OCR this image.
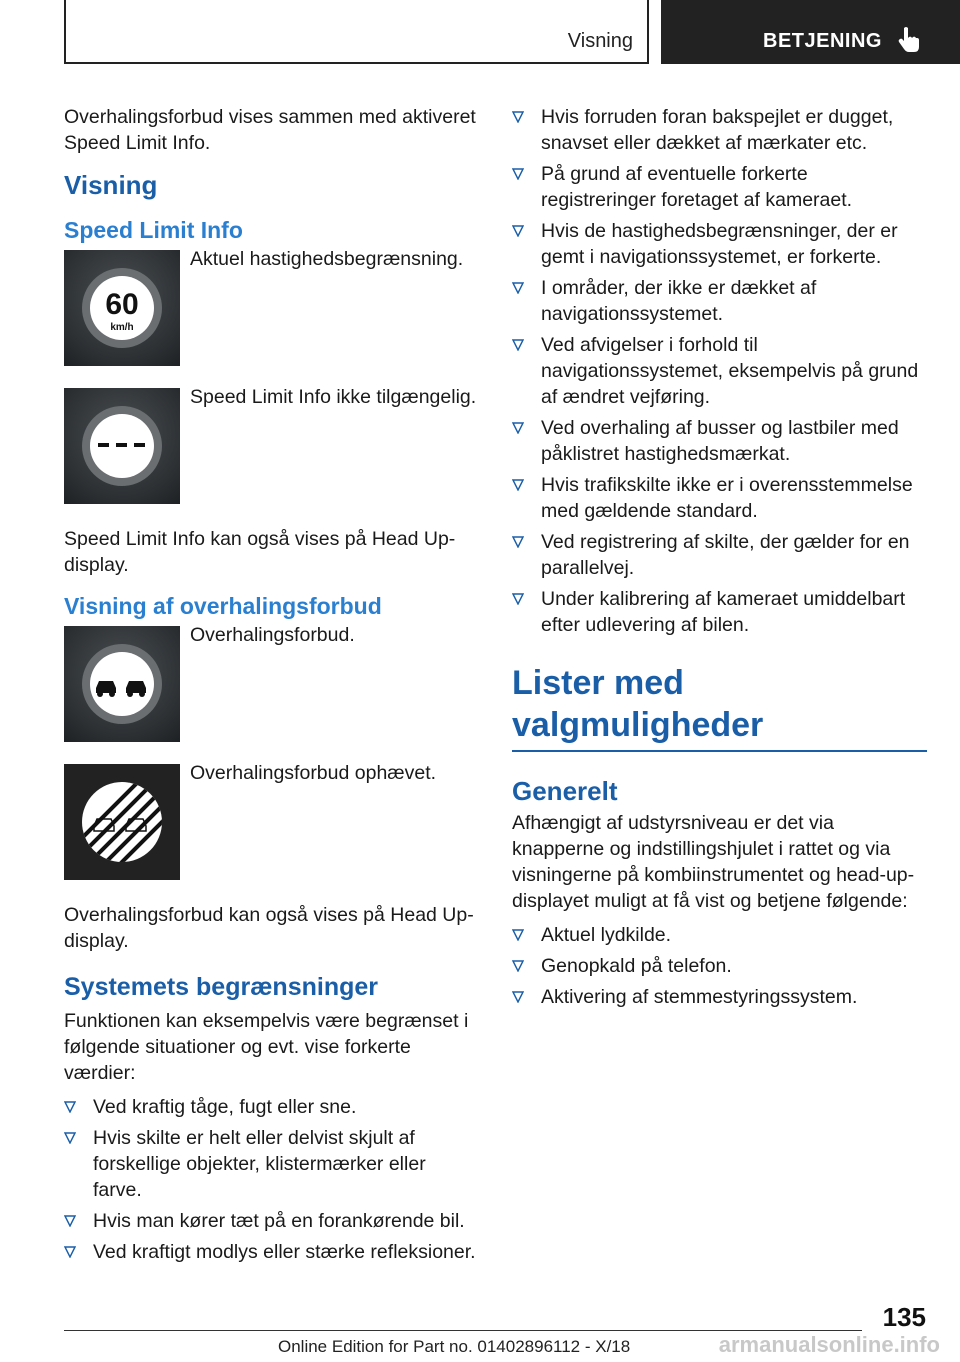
Visning	BETJENING

Overhalingsforbud vises sammen med aktiveret Speed Limit Info.

Visning
Speed Limit Info
60
km/h
Aktuel hastighedsbegrænsning.
Speed Limit Info ikke tilgængelig.

Speed Limit Info kan også vises på Head Up-display.

Visning af overhalingsforbud
Overhalingsforbud.
Overhalingsforbud ophævet.

Overhalingsforbud kan også vises på Head Up-display.

Systemets begrænsninger

Funktionen kan eksempelvis være begrænset i følgende situationer og evt. vise forkerte værdier:

Ved kraftig tåge, fugt eller sne.
Hvis skilte er helt eller delvist skjult af forskellige objekter, klistermærker eller farve.
Hvis man kører tæt på en forankørende bil.
Ved kraftigt modlys eller stærke refleksioner.
Hvis forruden foran bakspejlet er dugget, snavset eller dækket af mærkater etc.
På grund af eventuelle forkerte registreringer foretaget af kameraet.
Hvis de hastighedsbegrænsninger, der er gemt i navigationssystemet, er forkerte.
I områder, der ikke er dækket af navigationssystemet.
Ved afvigelser i forhold til navigationssystemet, eksempelvis på grund af ændret vejføring.
Ved overhaling af busser og lastbiler med påklistret hastighedsmærkat.
Hvis trafikskilte ikke er i overensstemmelse med gældende standard.
Ved registrering af skilte, der gælder for en parallelvej.
Under kalibrering af kameraet umiddelbart efter udlevering af bilen.
Lister med valgmuligheder
Generelt

Afhængigt af udstyrsniveau er det via knapperne og indstillingshjulet i rattet og via visningerne på kombiinstrumentet og head-up-displayet muligt at få vist og betjene følgende:

Aktuel lydkilde.
Genopkald på telefon.
Aktivering af stemmestyringssystem.
135
Online Edition for Part no. 01402896112 - X/18	armanualsonline.info
